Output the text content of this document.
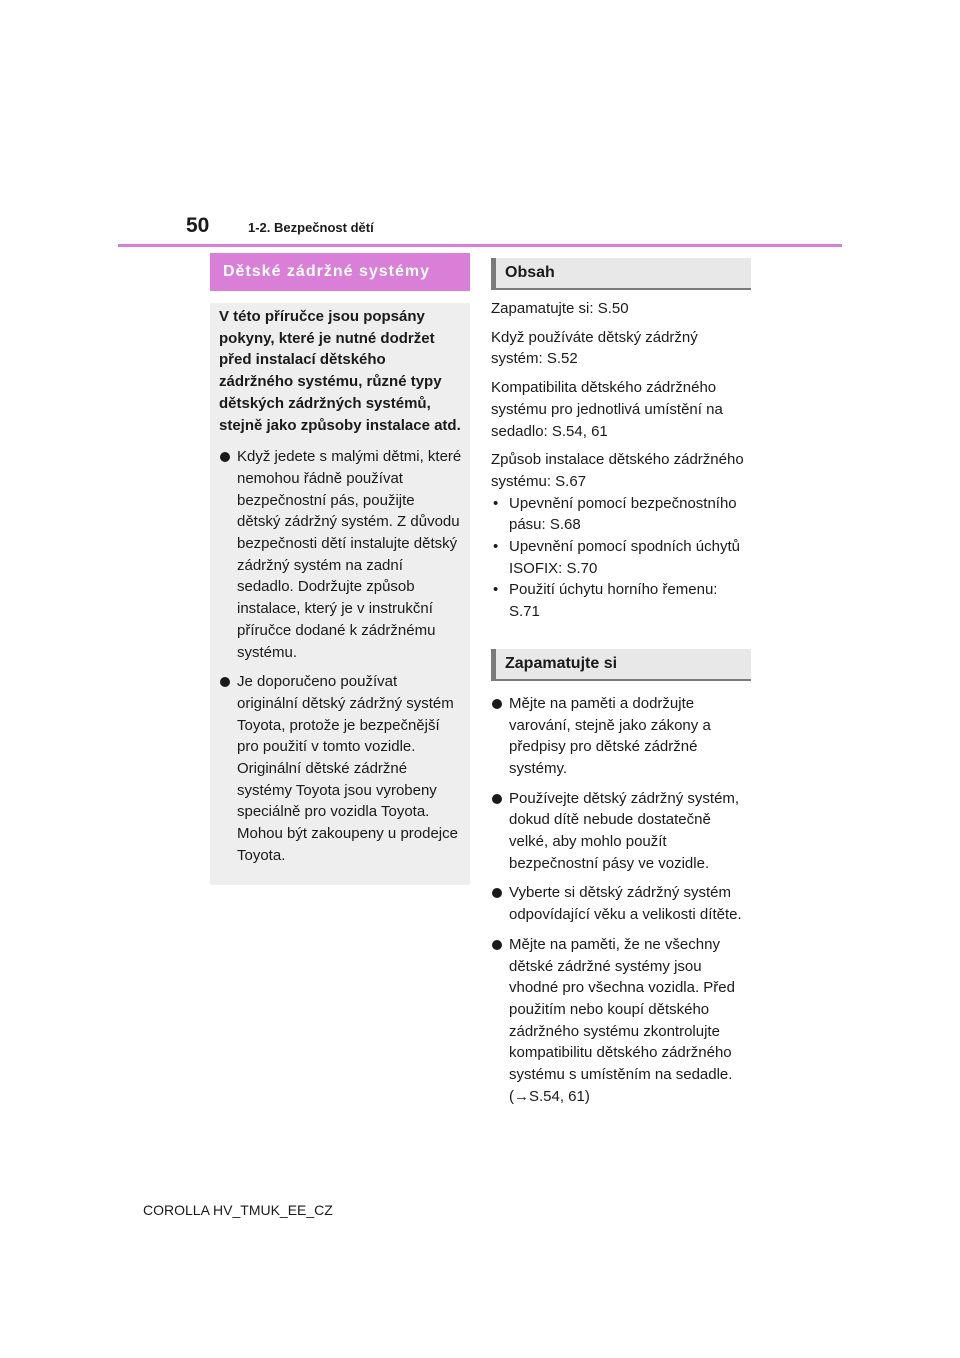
50	1-2. Bezpečnost dětí
Dětské zádržné systémy

V této příručce jsou popsány pokyny, které je nutné dodržet před instalací dětského zádržného systému, různé typy dětských zádržných systémů, stejně jako způsoby instalace atd.

Když jedete s malými dětmi, které nemohou řádně používat bezpečnostní pás, použijte dětský zádržný systém. Z důvodu bezpečnosti dětí instalujte dětský zádržný systém na zadní sedadlo. Dodržujte způsob instalace, který je v instrukční příručce dodané k zádržnému systému.
Je doporučeno používat originální dětský zádržný systém Toyota, protože je bezpečnější pro použití v tomto vozidle. Originální dětské zádržné systémy Toyota jsou vyrobeny speciálně pro vozidla Toyota. Mohou být zakoupeny u prodejce Toyota.
Obsah

Zapamatujte si: S.50

Když používáte dětský zádržný systém: S.52

Kompatibilita dětského zádržného systému pro jednotlivá umístění na sedadlo: S.54, 61

Způsob instalace dětského zádržného systému: S.67

• Upevnění pomocí bezpečnostního pásu: S.68
• Upevnění pomocí spodních úchytů ISOFIX: S.70
• Použití úchytu horního řemenu: S.71
Zapamatujte si
Mějte na paměti a dodržujte varování, stejně jako zákony a předpisy pro dětské zádržné systémy.
Používejte dětský zádržný systém, dokud dítě nebude dostatečně velké, aby mohlo použít bezpečnostní pásy ve vozidle.
Vyberte si dětský zádržný systém odpovídající věku a velikosti dítěte.
Mějte na paměti, že ne všechny dětské zádržné systémy jsou vhodné pro všechna vozidla. Před použitím nebo koupí dětského zádržného systému zkontrolujte kompatibilitu dětského zádržného systému s umístěním na sedadle. (→S.54, 61)
COROLLA HV_TMUK_EE_CZ
